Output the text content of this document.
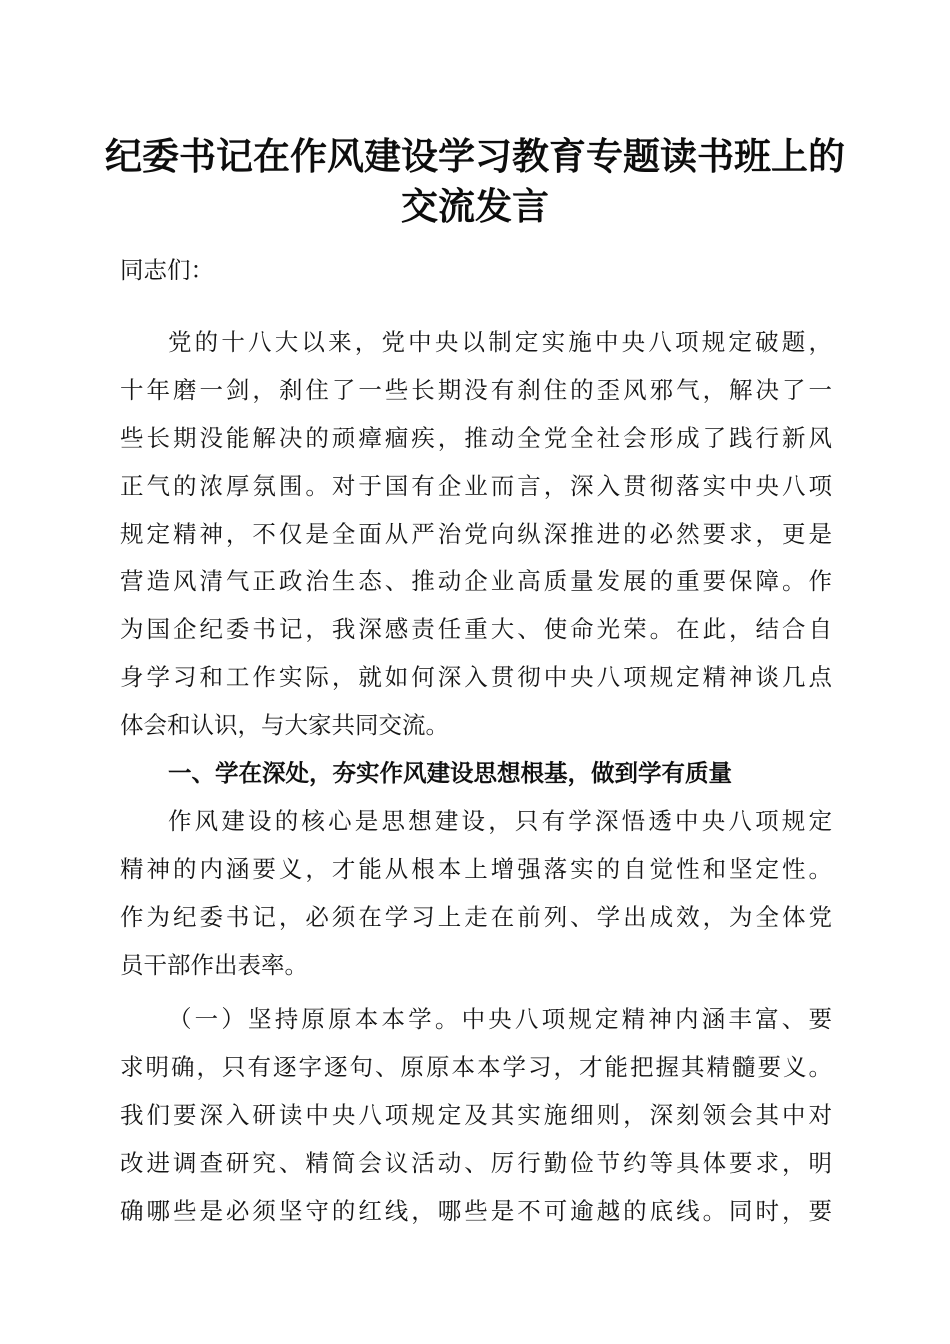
纪委书记在作风建设学习教育专题读书班上的
交流发言
同志们：
党的十八大以来，党中央以制定实施中央八项规定破题，
十年磨一剑，刹住了一些长期没有刹住的歪风邪气，解决了一
些长期没能解决的顽瘴痼疾，推动全党全社会形成了践行新风
正气的浓厚氛围。对于国有企业而言，深入贯彻落实中央八项
规定精神，不仅是全面从严治党向纵深推进的必然要求，更是
营造风清气正政治生态、推动企业高质量发展的重要保障。作
为国企纪委书记，我深感责任重大、使命光荣。在此，结合自
身学习和工作实际，就如何深入贯彻中央八项规定精神谈几点
体会和认识，与大家共同交流。
一、学在深处，夯实作风建设思想根基，做到学有质量
作风建设的核心是思想建设，只有学深悟透中央八项规定
精神的内涵要义，才能从根本上增强落实的自觉性和坚定性。
作为纪委书记，必须在学习上走在前列、学出成效，为全体党
员干部作出表率。
（一）坚持原原本本学。中央八项规定精神内涵丰富、要
求明确，只有逐字逐句、原原本本学习，才能把握其精髓要义。
我们要深入研读中央八项规定及其实施细则，深刻领会其中对
改进调查研究、精简会议活动、厉行勤俭节约等具体要求，明
确哪些是必须坚守的红线，哪些是不可逾越的底线。同时，要
